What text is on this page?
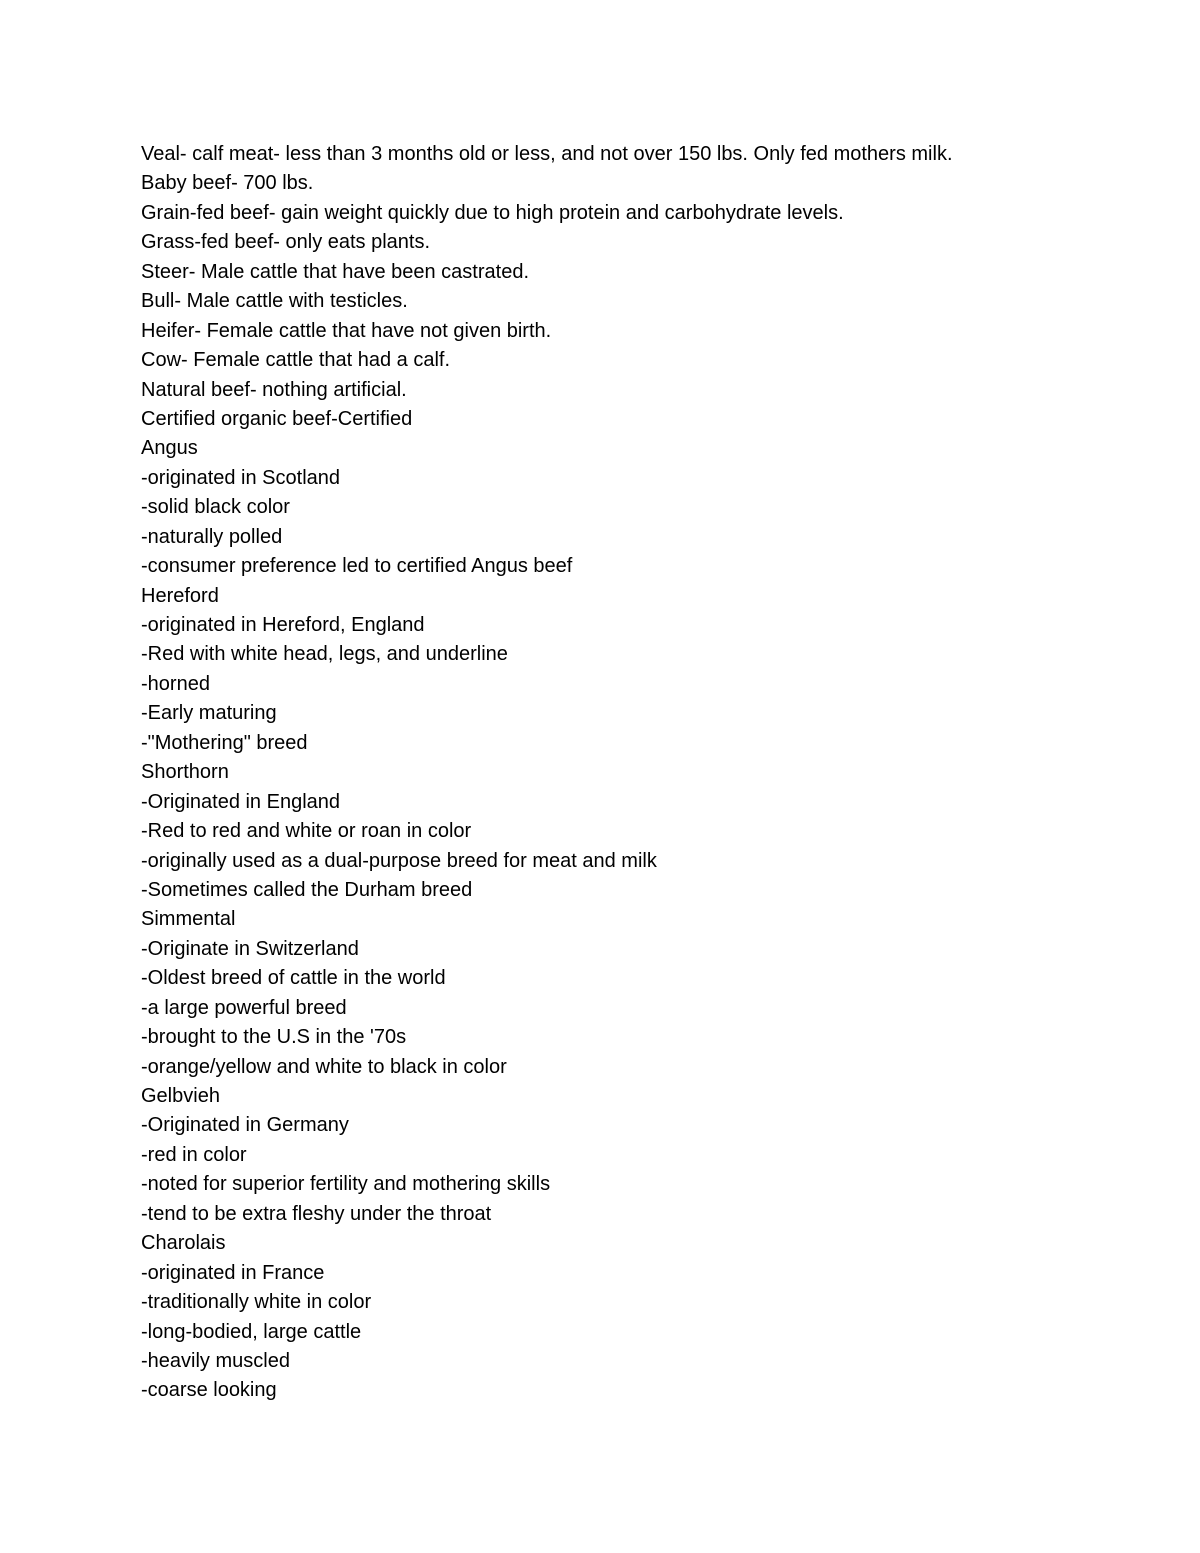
Veal- calf meat- less than 3 months old or less, and not over 150 lbs. Only fed mothers milk.
Baby beef- 700 lbs.
Grain-fed beef- gain weight quickly due to high protein and carbohydrate levels.
Grass-fed beef- only eats plants.
Steer- Male cattle that have been castrated.
Bull- Male cattle with testicles.
Heifer- Female cattle that have not given birth.
Cow- Female cattle that had a calf.
Natural beef- nothing artificial.
Certified organic beef-Certified
Angus
-originated in Scotland
-solid black color
-naturally polled
-consumer preference led to certified Angus beef
Hereford
-originated in Hereford, England
-Red with white head, legs, and underline
-horned
-Early maturing
-"Mothering" breed
Shorthorn
-Originated in England
-Red to red and white or roan in color
-originally used as a dual-purpose breed for meat and milk
-Sometimes called the Durham breed
Simmental
-Originate in Switzerland
-Oldest breed of cattle in the world
-a large powerful breed
-brought to the U.S in the '70s
-orange/yellow and white to black in color
Gelbvieh
-Originated in Germany
-red in color
-noted for superior fertility and mothering skills
-tend to be extra fleshy under the throat
Charolais
-originated in France
-traditionally white in color
-long-bodied, large cattle
-heavily muscled
-coarse looking
